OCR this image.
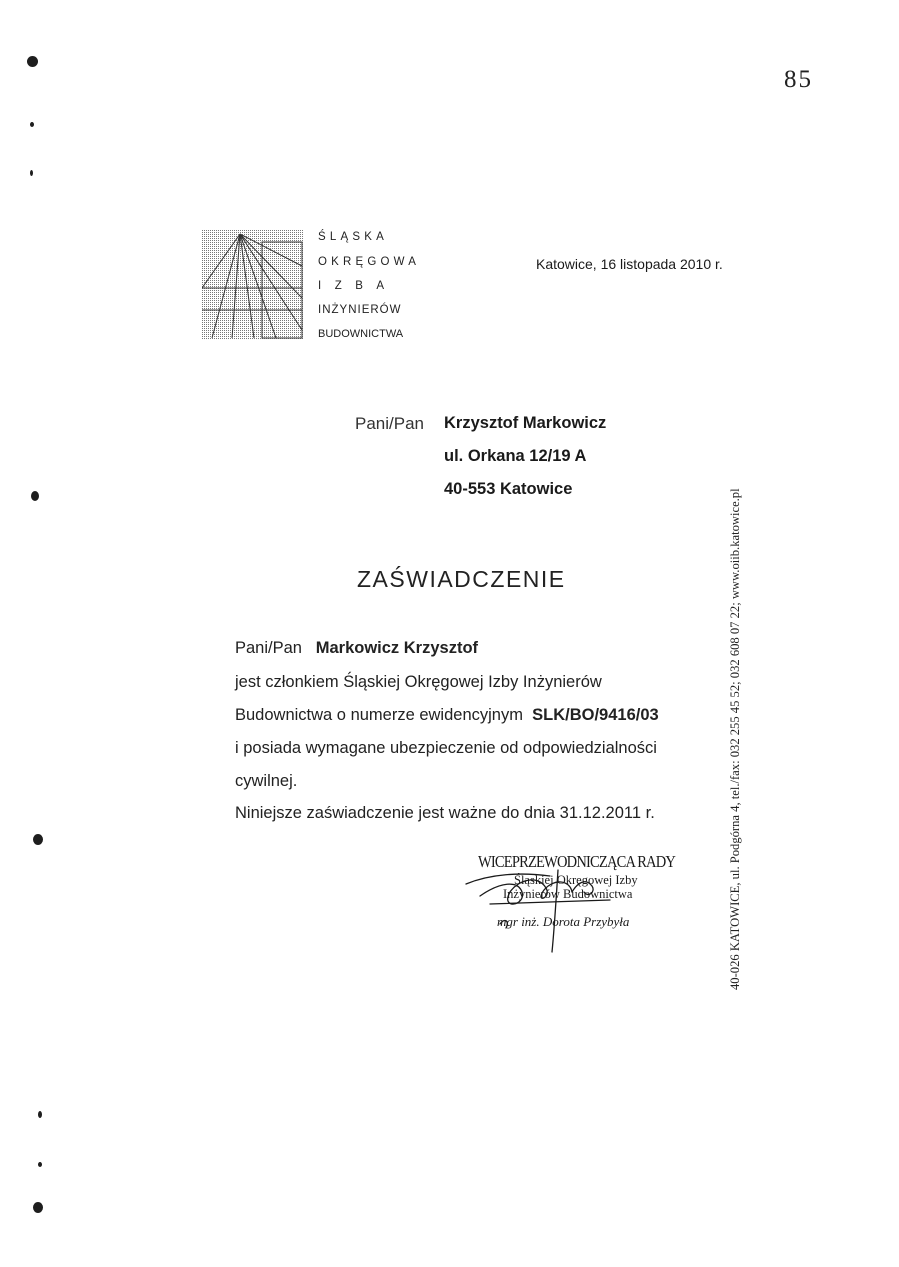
85
ŚLĄSKA
OKRĘGOWA
IZBA
INŻYNIERÓW
BUDOWNICTWA
Katowice, 16 listopada 2010 r.
Pani/Pan Krzysztof Markowicz
ul. Orkana 12/19 A
40-553 Katowice
ZAŚWIADCZENIE
Pani/Pan Markowicz Krzysztof
jest członkiem Śląskiej Okręgowej Izby Inżynierów
Budownictwa o numerze ewidencyjnym SLK/BO/9416/03
i posiada wymagane ubezpieczenie od odpowiedzialności
cywilnej.
Niniejsze zaświadczenie jest ważne do dnia 31.12.2011 r.
WICEPRZEWODNICZĄCA RADY
Śląskiej Okręgowej Izby
Inżynierów Budownictwa
mgr inż. Dorota Przybyła	40-026 KATOWICE, ul. Podgórna 4, tel./fax: 032 255 45 52; 032 608 07 22; www.oiib.katowice.pl
